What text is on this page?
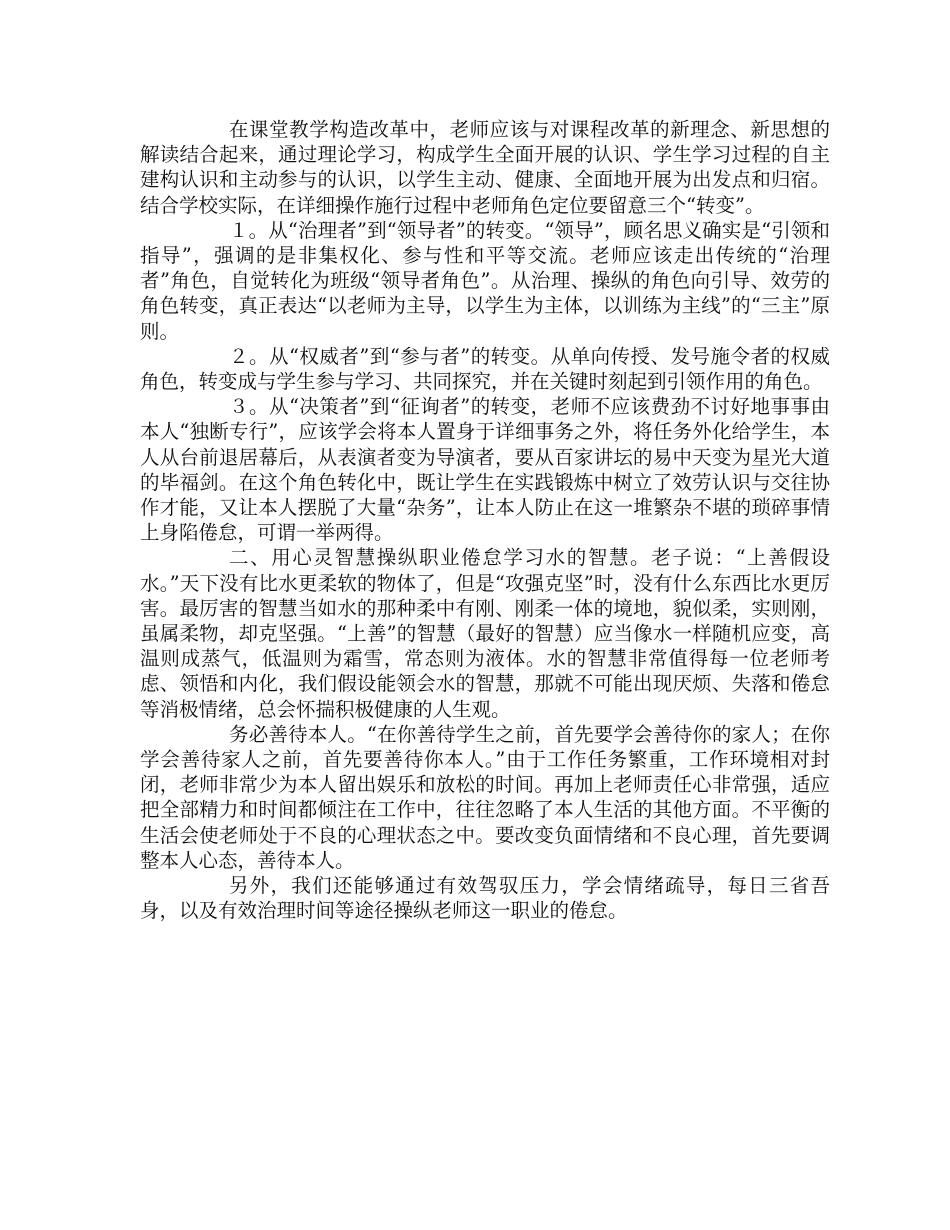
在课堂教学构造改革中，老师应该与对课程改革的新理念、新思想的解读结合起来，通过理论学习，构成学生全面开展的认识、学生学习过程的自主建构认识和主动参与的认识，以学生主动、健康、全面地开展为出发点和归宿。结合学校实际，在详细操作施行过程中老师角色定位要留意三个“转变”。

１。从“治理者”到“领导者”的转变。“领导”，顾名思义确实是“引领和指导”，强调的是非集权化、参与性和平等交流。老师应该走出传统的“治理者”角色，自觉转化为班级“领导者角色”。从治理、操纵的角色向引导、效劳的角色转变，真正表达“以老师为主导，以学生为主体，以训练为主线”的“三主”原则。

２。从“权威者”到“参与者”的转变。从单向传授、发号施令者的权威角色，转变成与学生参与学习、共同探究，并在关键时刻起到引领作用的角色。

３。从“决策者”到“征询者”的转变，老师不应该费劲不讨好地事事由本人“独断专行”，应该学会将本人置身于详细事务之外，将任务外化给学生，本人从台前退居幕后，从表演者变为导演者，要从百家讲坛的易中天变为星光大道的毕福剑。在这个角色转化中，既让学生在实践锻炼中树立了效劳认识与交往协作才能，又让本人摆脱了大量“杂务”，让本人防止在这一堆繁杂不堪的琐碎事情上身陷倦怠，可谓一举两得。

二、用心灵智慧操纵职业倦怠学习水的智慧。老子说：“上善假设水。”天下没有比水更柔软的物体了，但是“攻强克坚”时，没有什么东西比水更厉害。最厉害的智慧当如水的那种柔中有刚、刚柔一体的境地，貌似柔，实则刚，虽属柔物，却克坚强。“上善”的智慧（最好的智慧）应当像水一样随机应变，高温则成蒸气，低温则为霜雪，常态则为液体。水的智慧非常值得每一位老师考虑、领悟和内化，我们假设能领会水的智慧，那就不可能出现厌烦、失落和倦怠等消极情绪，总会怀揣积极健康的人生观。

务必善待本人。“在你善待学生之前，首先要学会善待你的家人；在你学会善待家人之前，首先要善待你本人。”由于工作任务繁重，工作环境相对封闭，老师非常少为本人留出娱乐和放松的时间。再加上老师责任心非常强，适应把全部精力和时间都倾注在工作中，往往忽略了本人生活的其他方面。不平衡的生活会使老师处于不良的心理状态之中。要改变负面情绪和不良心理，首先要调整本人心态，善待本人。

另外，我们还能够通过有效驾驭压力，学会情绪疏导，每日三省吾身，以及有效治理时间等途径操纵老师这一职业的倦怠。
